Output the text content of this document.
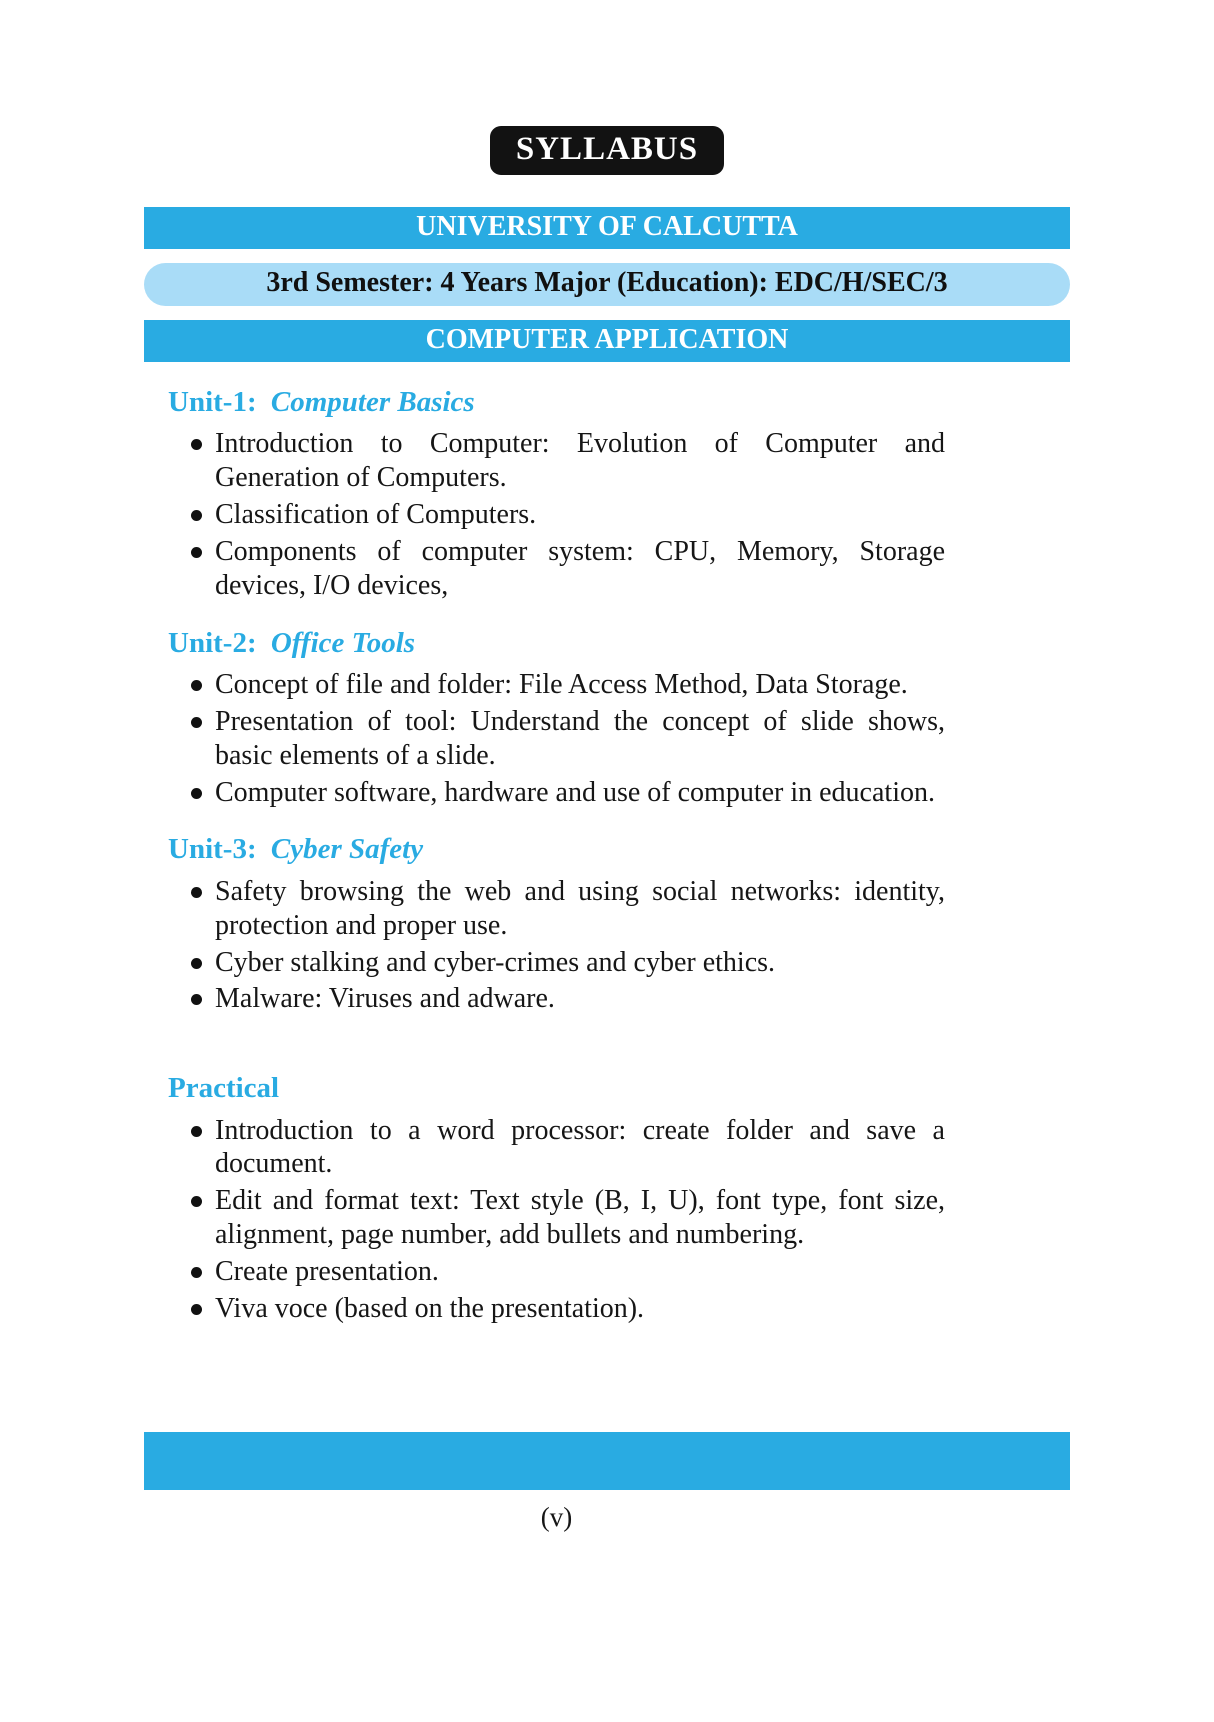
SYLLABUS
UNIVERSITY OF CALCUTTA
3rd Semester: 4 Years Major (Education): EDC/H/SEC/3
COMPUTER APPLICATION
Unit-1: Computer Basics
Introduction to Computer: Evolution of Computer and Generation of Computers.
Classification of Computers.
Components of computer system: CPU, Memory, Storage devices, I/O devices,
Unit-2: Office Tools
Concept of file and folder: File Access Method, Data Storage.
Presentation of tool: Understand the concept of slide shows, basic elements of a slide.
Computer software, hardware and use of computer in education.
Unit-3: Cyber Safety
Safety browsing the web and using social networks: identity, protection and proper use.
Cyber stalking and cyber-crimes and cyber ethics.
Malware: Viruses and adware.
Practical
Introduction to a word processor: create folder and save a document.
Edit and format text: Text style (B, I, U), font type, font size, alignment, page number, add bullets and numbering.
Create presentation.
Viva voce (based on the presentation).
(v)
